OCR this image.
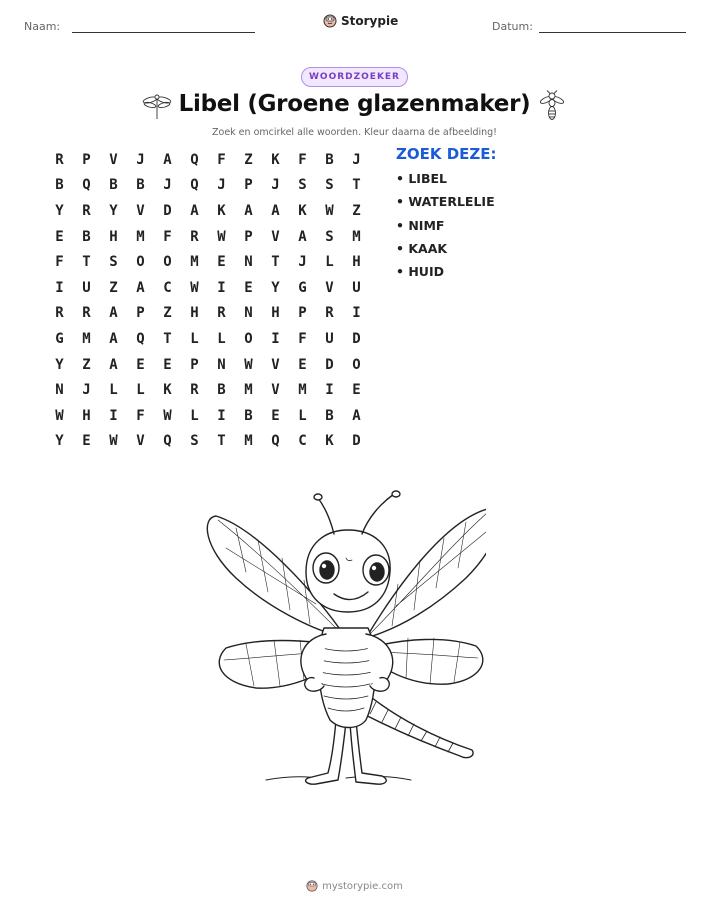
Naam:	Storypie	Datum:
WOORDZOEKER
Libel (Groene glazenmaker)
Zoek en omcirkel alle woorden. Kleur daarna de afbeelding!
R	P	V	J	A	Q	F	Z	K	F	B	J
B	Q	B	B	J	Q	J	P	J	S	S	T
Y	R	Y	V	D	A	K	A	A	K	W	Z
E	B	H	M	F	R	W	P	V	A	S	M
F	T	S	O	O	M	E	N	T	J	L	H
I	U	Z	A	C	W	I	E	Y	G	V	U
R	R	A	P	Z	H	R	N	H	P	R	I
G	M	A	Q	T	L	L	O	I	F	U	D
Y	Z	A	E	E	P	N	W	V	E	D	O
N	J	L	L	K	R	B	M	V	M	I	E
W	H	I	F	W	L	I	B	E	L	B	A
Y	E	W	V	Q	S	T	M	Q	C	K	D
ZOEK DEZE:
• LIBEL
• WATERLELIE
• NIMF
• KAAK
• HUID
mystorypie.com
